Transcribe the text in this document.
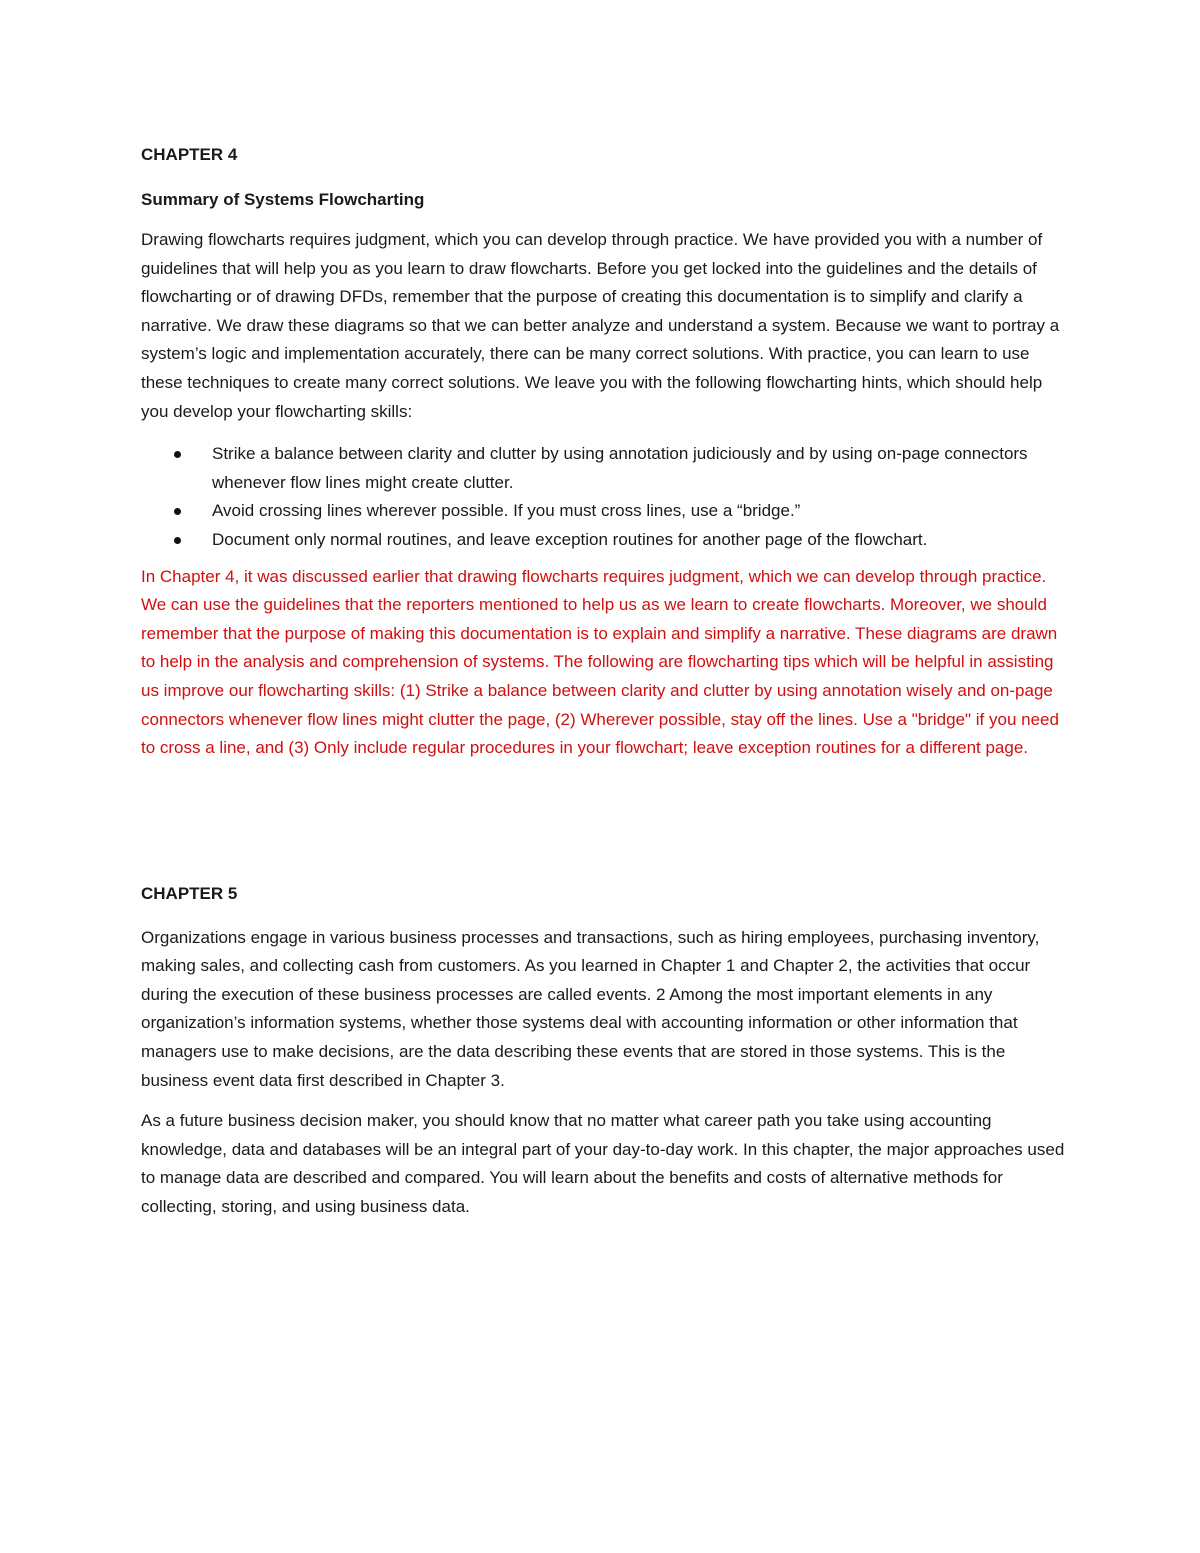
CHAPTER 4
Summary of Systems Flowcharting

Drawing flowcharts requires judgment, which you can develop through practice. We have provided you with a number of guidelines that will help you as you learn to draw flowcharts. Before you get locked into the guidelines and the details of flowcharting or of drawing DFDs, remember that the purpose of creating this documentation is to simplify and clarify a narrative. We draw these diagrams so that we can better analyze and understand a system. Because we want to portray a system’s logic and implementation accurately, there can be many correct solutions. With practice, you can learn to use these techniques to create many correct solutions. We leave you with the following flowcharting hints, which should help you develop your flowcharting skills:

Strike a balance between clarity and clutter by using annotation judiciously and by using on-page connectors whenever flow lines might create clutter.
Avoid crossing lines wherever possible. If you must cross lines, use a “bridge.”
Document only normal routines, and leave exception routines for another page of the flowchart.

In Chapter 4, it was discussed earlier that drawing flowcharts requires judgment, which we can develop through practice. We can use the guidelines that the reporters mentioned to help us as we learn to create flowcharts. Moreover, we should remember that the purpose of making this documentation is to explain and simplify a narrative. These diagrams are drawn to help in the analysis and comprehension of systems. The following are flowcharting tips which will be helpful in assisting us improve our flowcharting skills: (1) Strike a balance between clarity and clutter by using annotation wisely and on-page connectors whenever flow lines might clutter the page, (2) Wherever possible, stay off the lines. Use a "bridge" if you need to cross a line, and (3) Only include regular procedures in your flowchart; leave exception routines for a different page.

CHAPTER 5

Organizations engage in various business processes and transactions, such as hiring employees, purchasing inventory, making sales, and collecting cash from customers. As you learned in Chapter 1 and Chapter 2, the activities that occur during the execution of these business processes are called events. 2 Among the most important elements in any organization’s information systems, whether those systems deal with accounting information or other information that managers use to make decisions, are the data describing these events that are stored in those systems. This is the business event data first described in Chapter 3.

As a future business decision maker, you should know that no matter what career path you take using accounting knowledge, data and databases will be an integral part of your day-to-day work. In this chapter, the major approaches used to manage data are described and compared. You will learn about the benefits and costs of alternative methods for collecting, storing, and using business data.
